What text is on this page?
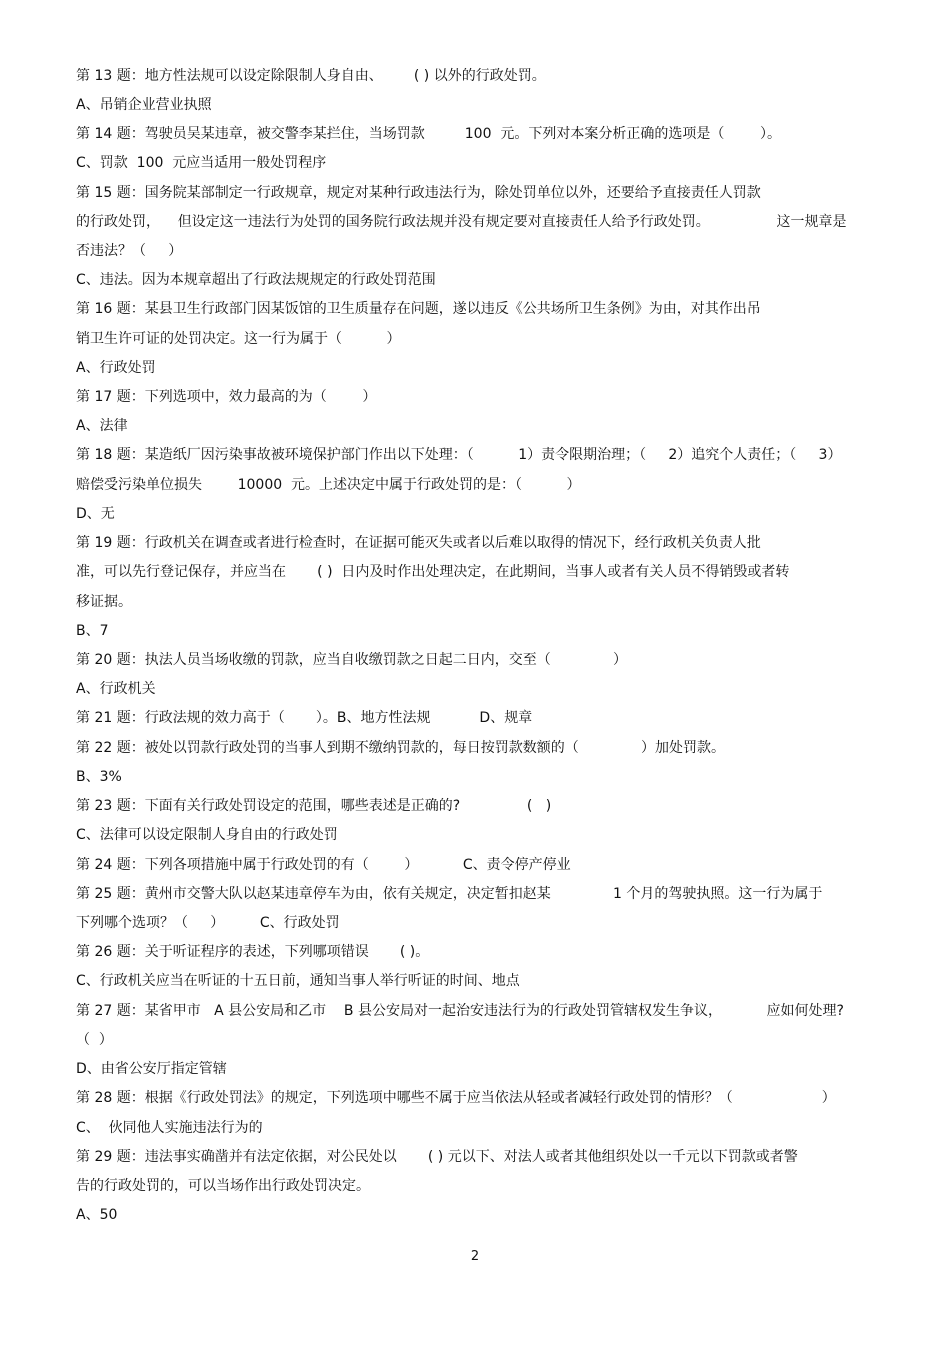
第 13 题：地方性法规可以设定除限制人身自由、       ( ) 以外的行政处罚。
A、吊销企业营业执照
第 14 题：驾驶员吴某违章，被交警李某拦住，当场罚款         100  元。下列对本案分析正确的选项是（        ）。
C、罚款  100  元应当适用一般处罚程序
第 15 题：国务院某部制定一行政规章，规定对某种行政违法行为，除处罚单位以外，还要给予直接责任人罚款
的行政处罚，    但设定这一违法行为处罚的国务院行政法规并没有规定要对直接责任人给予行政处罚。               这一规章是
否违法？（     ）
C、违法。因为本规章超出了行政法规规定的行政处罚范围
第 16 题：某县卫生行政部门因某饭馆的卫生质量存在问题，遂以违反《公共场所卫生条例》为由，对其作出吊
销卫生许可证的处罚决定。这一行为属于（          ）
A、行政处罚
第 17 题：下列选项中，效力最高的为（        ）
A、法律
第 18 题：某造纸厂因污染事故被环境保护部门作出以下处理：（          1）责令限期治理；（     2）追究个人责任；（     3）
赔偿受污染单位损失        10000  元。上述决定中属于行政处罚的是：（          ）
D、无
第 19 题：行政机关在调查或者进行检查时，在证据可能灭失或者以后难以取得的情况下，经行政机关负责人批
准，可以先行登记保存，并应当在       ( )  日内及时作出处理决定，在此期间，当事人或者有关人员不得销毁或者转
移证据。
B、7
第 20 题：执法人员当场收缴的罚款，应当自收缴罚款之日起二日内，交至（              ）
A、行政机关
第 21 题：行政法规的效力高于（       ）。B、地方性法规           D、规章
第 22 题：被处以罚款行政处罚的当事人到期不缴纳罚款的，每日按罚款数额的（              ）加处罚款。
B、3%
第 23 题：下面有关行政处罚设定的范围，哪些表述是正确的?               (   )
C、法律可以设定限制人身自由的行政处罚
第 24 题：下列各项措施中属于行政处罚的有（        ）          C、责令停产停业
第 25 题：黄州市交警大队以赵某违章停车为由，依有关规定，决定暂扣赵某              1 个月的驾驶执照。这一行为属于
下列哪个选项？（     ）        C、行政处罚
第 26 题：关于听证程序的表述，下列哪项错误       ( )。
C、行政机关应当在听证的十五日前，通知当事人举行听证的时间、地点
第 27 题：某省甲市   A 县公安局和乙市    B 县公安局对一起治安违法行为的行政处罚管辖权发生争议，          应如何处理?
（  ）
D、由省公安厅指定管辖
第 28 题：根据《行政处罚法》的规定，下列选项中哪些不属于应当依法从轻或者减轻行政处罚的情形？（                    ）
C、  伙同他人实施违法行为的
第 29 题：违法事实确凿并有法定依据，对公民处以       ( ) 元以下、对法人或者其他组织处以一千元以下罚款或者警
告的行政处罚的，可以当场作出行政处罚决定。
A、50
2
